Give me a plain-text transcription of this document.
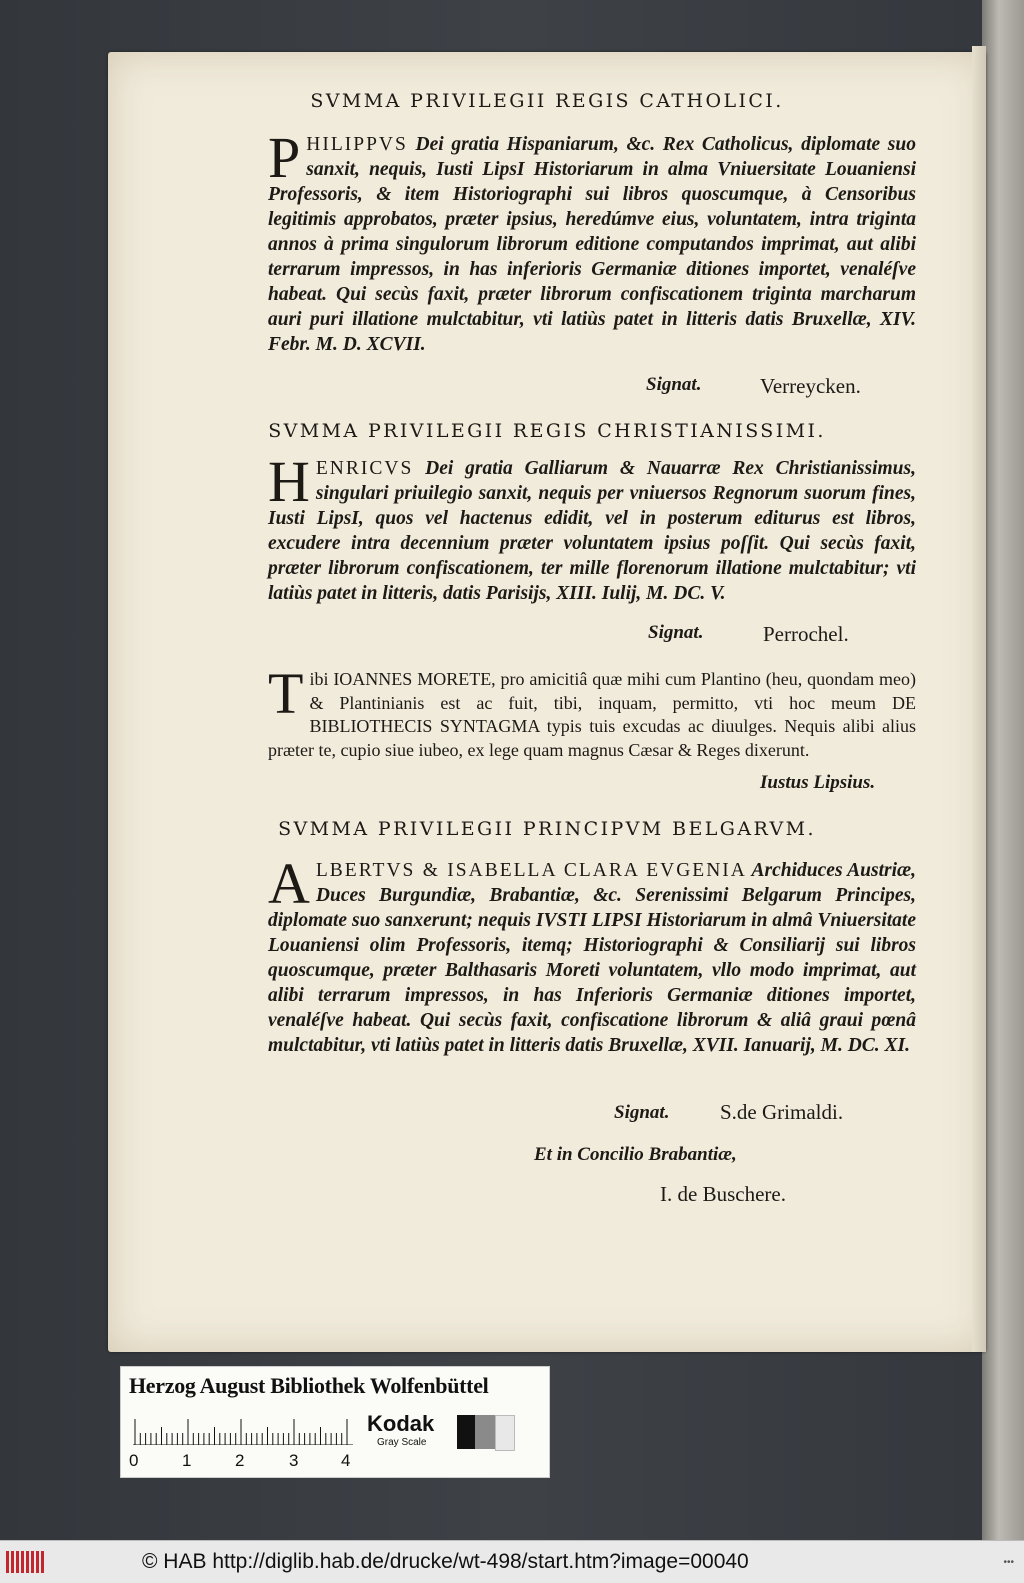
SVMMA PRIVILEGII REGIS CATHOLICI.
PHILIPPVS Dei gratia Hispaniarum, &c. Rex Catholicus, diplomate suo sanxit, nequis, Iusti LipsI Historiarum in alma Vniuersitate Louaniensi Professoris, & item Historiographi sui libros quoscumque, à Censoribus legitimis approbatos, præter ipsius, heredúmve eius, voluntatem, intra triginta annos à prima singulorum librorum editione computandos imprimat, aut alibi terrarum impressos, in has inferioris Germaniæ ditiones importet, venaléſve habeat. Qui secùs faxit, præter librorum confiscationem triginta marcharum auri puri illatione mulctabitur, vti latiùs patet in litteris datis Bruxellæ, XIV. Febr. M. D. XCVII.
Signat.	Verreycken.
SVMMA PRIVILEGII REGIS CHRISTIANISSIMI.
HENRICVS Dei gratia Galliarum & Nauarræ Rex Christianissimus, singulari priuilegio sanxit, nequis per vniuersos Regnorum suorum fines, Iusti LipsI, quos vel hactenus edidit, vel in posterum editurus est libros, excudere intra decennium præter voluntatem ipsius poſſit. Qui secùs faxit, præter librorum confiscationem, ter mille florenorum illatione mulctabitur; vti latiùs patet in litteris, datis Parisijs, XIII. Iulij, M. DC. V.
Signat.	Perrochel.
Tibi IOANNES MORETE, pro amicitiâ quæ mihi cum Plantino (heu, quondam meo) & Plantinianis est ac fuit, tibi, inquam, permitto, vti hoc meum DE BIBLIOTHECIS SYNTAGMA typis tuis excudas ac diuulges. Nequis alibi alius præter te, cupio siue iubeo, ex lege quam magnus Cæsar & Reges dixerunt.
Iustus Lipsius.
SVMMA PRIVILEGII PRINCIPVM BELGARVM.
ALBERTVS & ISABELLA CLARA EVGENIA Archiduces Austriæ, Duces Burgundiæ, Brabantiæ, &c. Serenissimi Belgarum Principes, diplomate suo sanxerunt; nequis IVSTI LIPSI Historiarum in almâ Vniuersitate Louaniensi olim Professoris, itemq; Historiographi & Consiliarij sui libros quoscumque, præter Balthasaris Moreti voluntatem, vllo modo imprimat, aut alibi terrarum impressos, in has Inferioris Germaniæ ditiones importet, venaléſve habeat. Qui secùs faxit, confiscatione librorum & aliâ graui pœnâ mulctabitur, vti latiùs patet in litteris datis Bruxellæ, XVII. Ianuarij, M. DC. XI.
Signat. S.de Grimaldi.
Et in Concilio Brabantiæ,
I. de Buschere.
Herzog August Bibliothek Wolfenbüttel
0	1	2	3	4
Kodak
Gray Scale
© HAB http://diglib.hab.de/drucke/wt-498/start.htm?image=00040	•••
